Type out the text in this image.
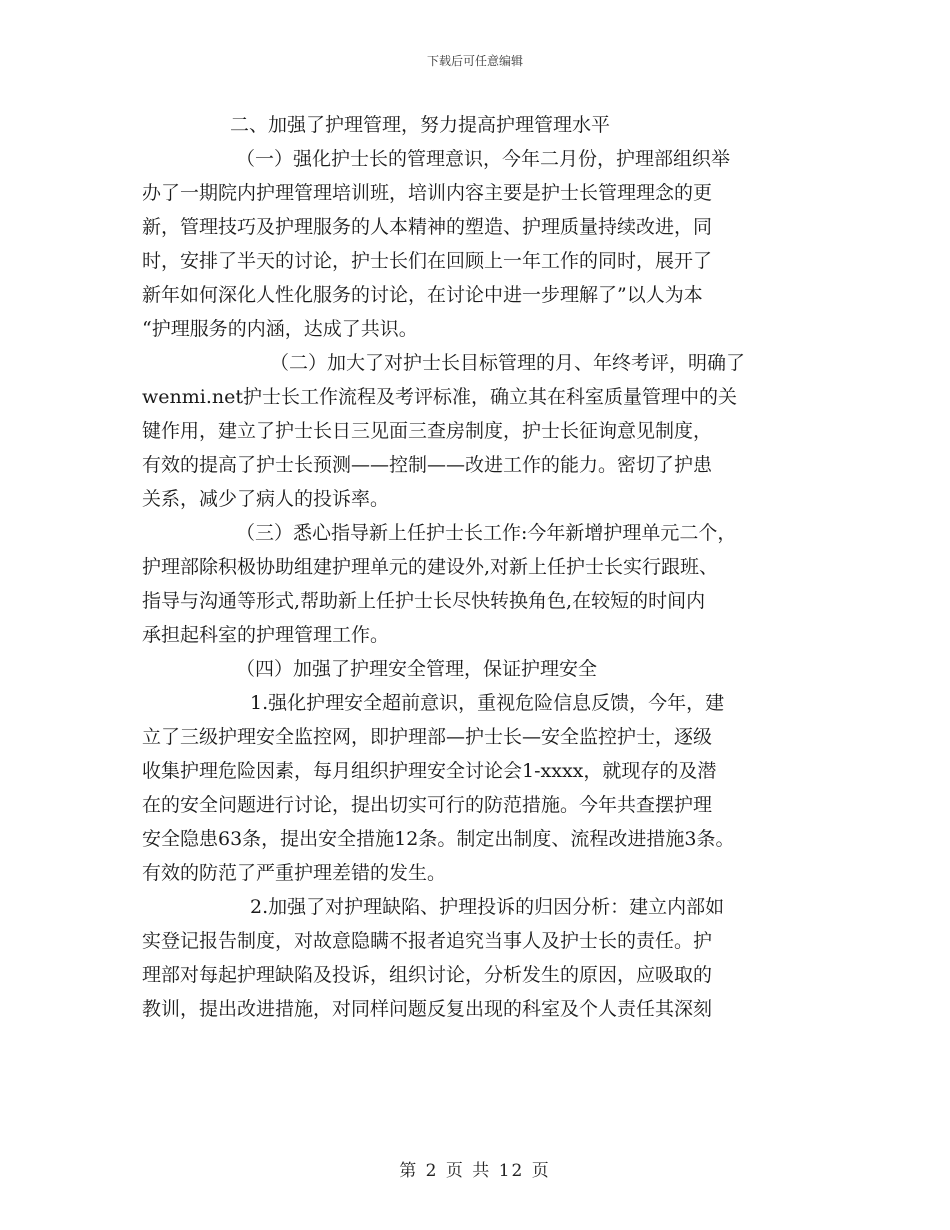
下载后可任意编辑
二、加强了护理管理，努力提高护理管理水平
（一）强化护士长的管理意识，今年二月份，护理部组织举
办了一期院内护理管理培训班，培训内容主要是护士长管理理念的更
新，管理技巧及护理服务的人本精神的塑造、护理质量持续改进，同
时，安排了半天的讨论，护士长们在回顾上一年工作的同时，展开了
新年如何深化人性化服务的讨论，在讨论中进一步理解了”以人为本
“护理服务的内涵，达成了共识。
（二）加大了对护士长目标管理的月、年终考评，明确了
wenmi.net护士长工作流程及考评标准，确立其在科室质量管理中的关
键作用，建立了护士长日三见面三查房制度，护士长征询意见制度，
有效的提高了护士长预测——控制——改进工作的能力。密切了护患
关系，减少了病人的投诉率。
（三）悉心指导新上任护士长工作:今年新增护理单元二个，
护理部除积极协助组建护理单元的建设外,对新上任护士长实行跟班、
指导与沟通等形式,帮助新上任护士长尽快转换角色,在较短的时间内
承担起科室的护理管理工作。
（四）加强了护理安全管理，保证护理安全
1.强化护理安全超前意识，重视危险信息反馈，今年，建
立了三级护理安全监控网，即护理部—护士长—安全监控护士，逐级
收集护理危险因素，每月组织护理安全讨论会1-xxxx，就现存的及潜
在的安全问题进行讨论，提出切实可行的防范措施。今年共查摆护理
安全隐患63条，提出安全措施12条。制定出制度、流程改进措施3条。
有效的防范了严重护理差错的发生。
2.加强了对护理缺陷、护理投诉的归因分析：建立内部如
实登记报告制度，对故意隐瞒不报者追究当事人及护士长的责任。护
理部对每起护理缺陷及投诉，组织讨论，分析发生的原因，应吸取的
教训，提出改进措施，对同样问题反复出现的科室及个人责任其深刻
第 2 页 共 12 页
